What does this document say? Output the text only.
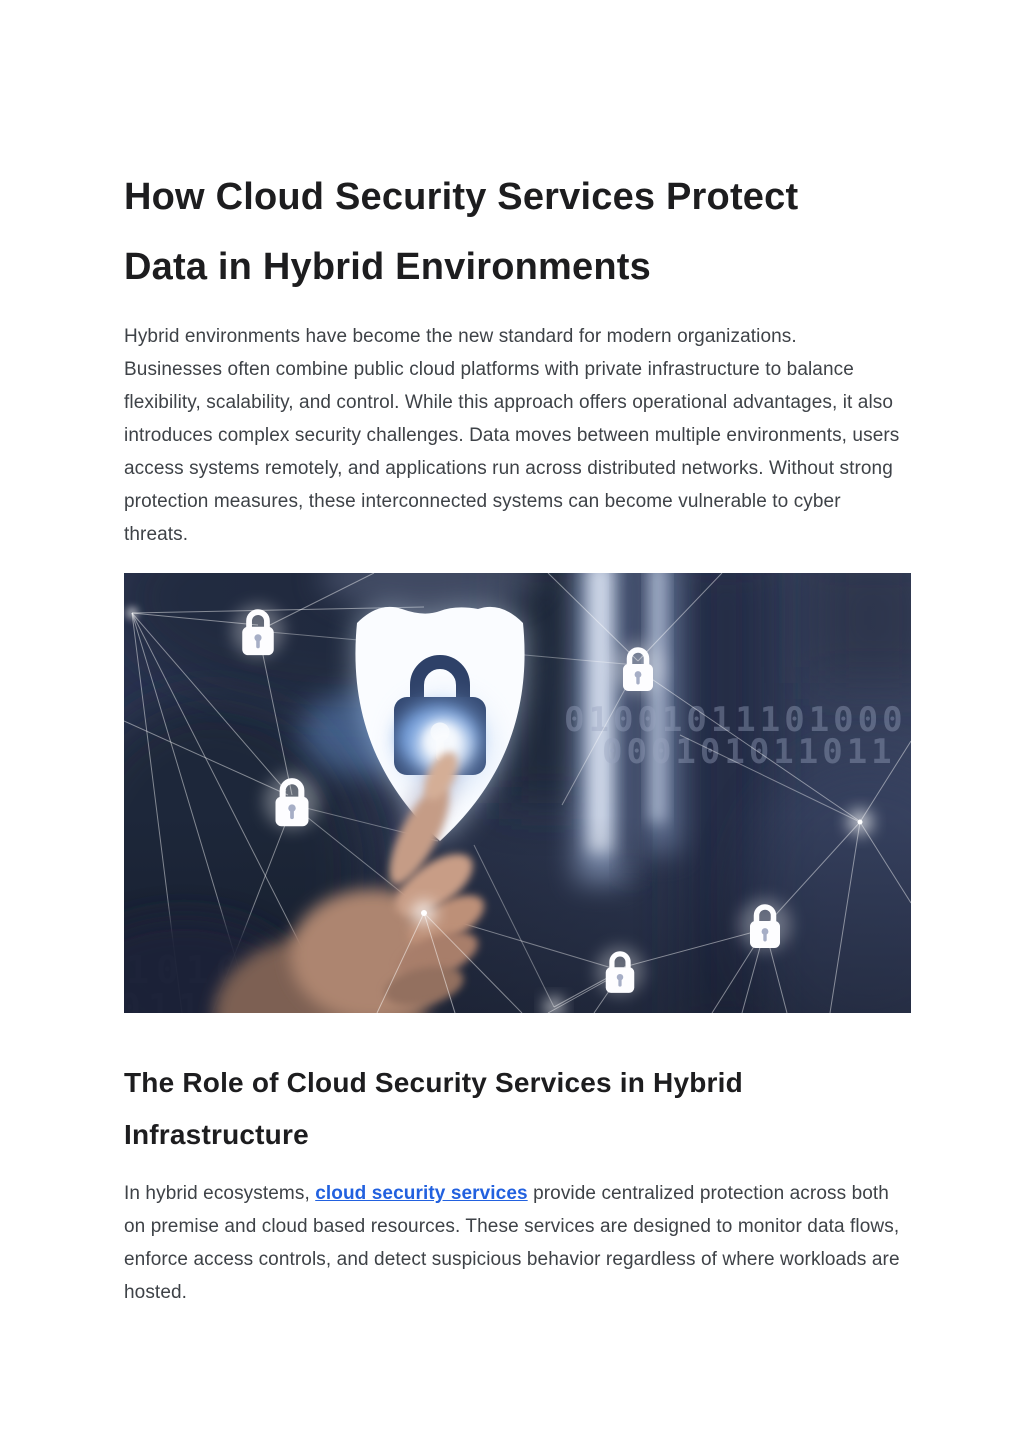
How Cloud Security Services Protect
Data in Hybrid Environments

Hybrid environments have become the new standard for modern organizations. Businesses often combine public cloud platforms with private infrastructure to balance flexibility, scalability, and control. While this approach offers operational advantages, it also introduces complex security challenges. Data moves between multiple environments, users access systems remotely, and applications run across distributed networks. Without strong protection measures, these interconnected systems can become vulnerable to cyber threats.

The Role of Cloud Security Services in Hybrid
Infrastructure

In hybrid ecosystems, cloud security services provide centralized protection across both on premise and cloud based resources. These services are designed to monitor data flows, enforce access controls, and detect suspicious behavior regardless of where workloads are hosted.
